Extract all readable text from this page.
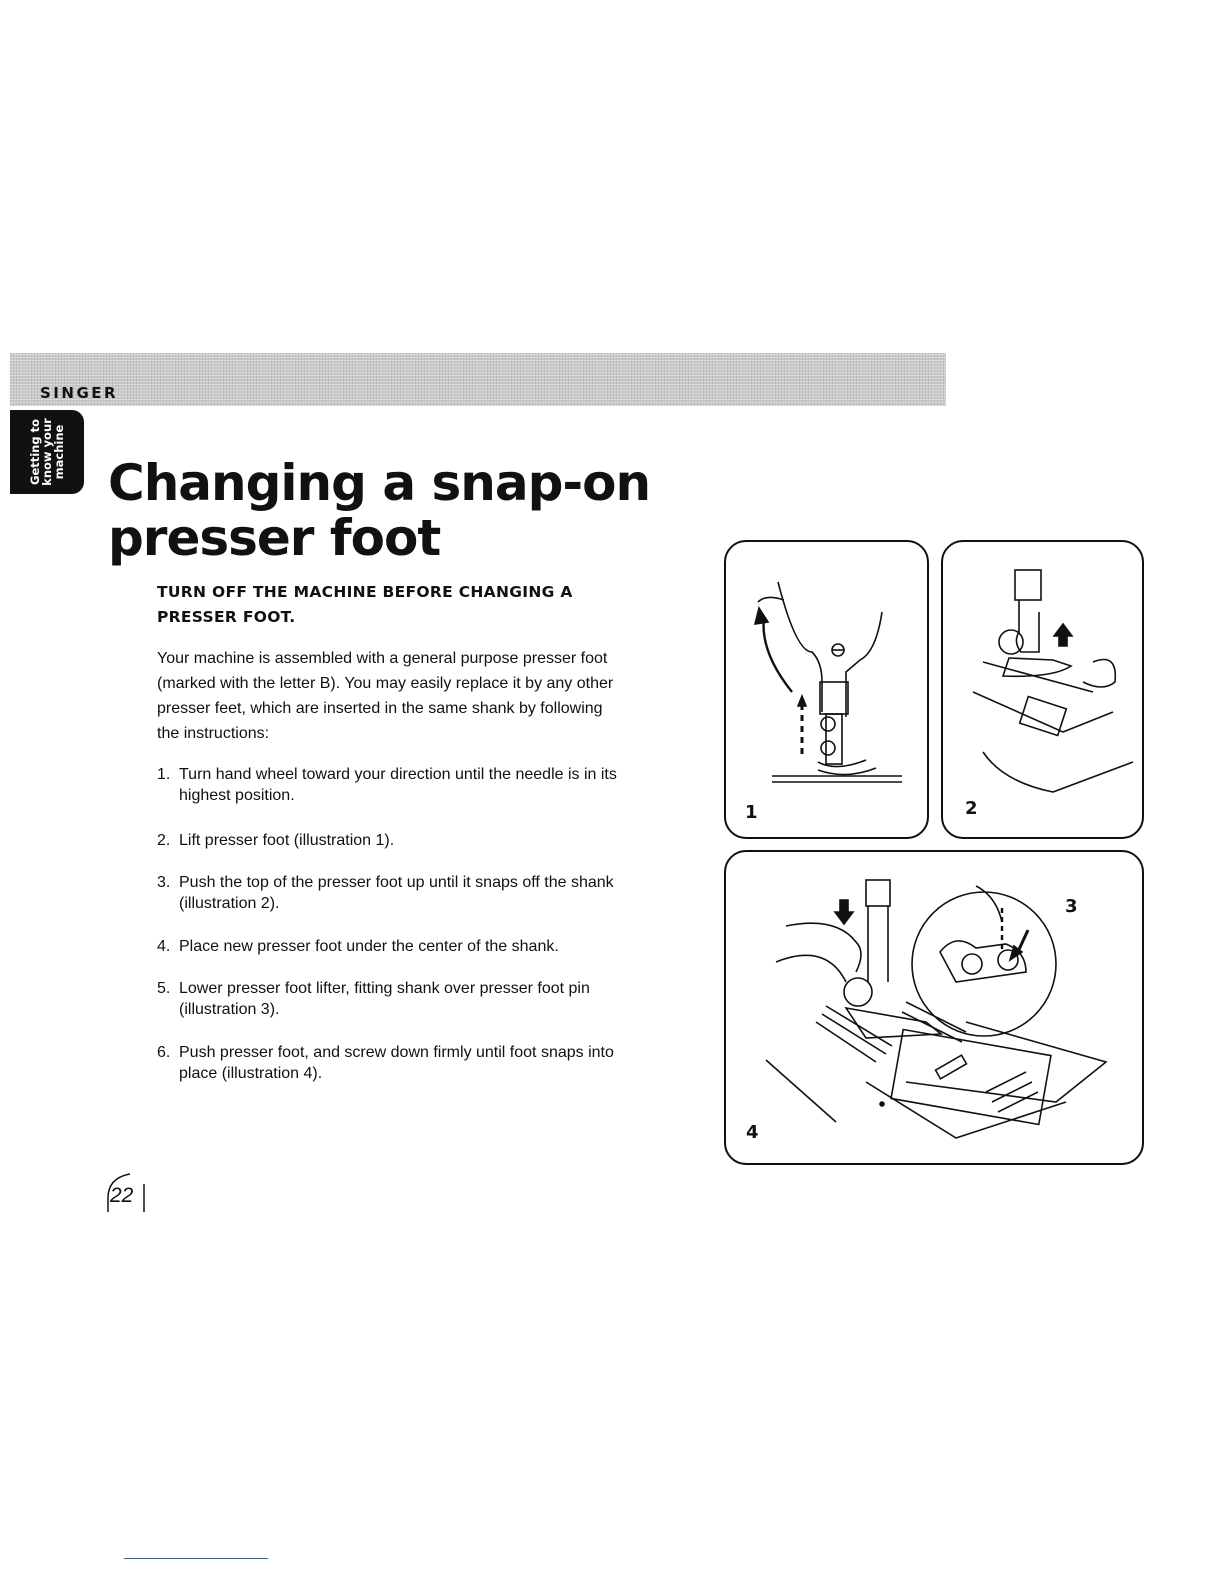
SINGER
Getting to
know your
machine
Changing a snap-on
presser foot

TURN OFF THE MACHINE BEFORE CHANGING A
PRESSER FOOT.

Your machine is assembled with a general purpose presser foot (marked with the letter B). You may easily replace it by any other presser feet, which are inserted in the same shank by following the instructions:

1. Turn hand wheel toward your direction until the needle is in its highest position.
2. Lift presser foot (illustration 1).
3. Push the top of the presser foot up until it snaps off the shank (illustration 2).
4. Place new presser foot under the center of the shank.
5. Lower presser foot lifter, fitting shank over presser foot pin (illustration 3).
6. Push presser foot, and screw down firmly until foot snaps into place (illustration 4).
1	2
3
4
22
